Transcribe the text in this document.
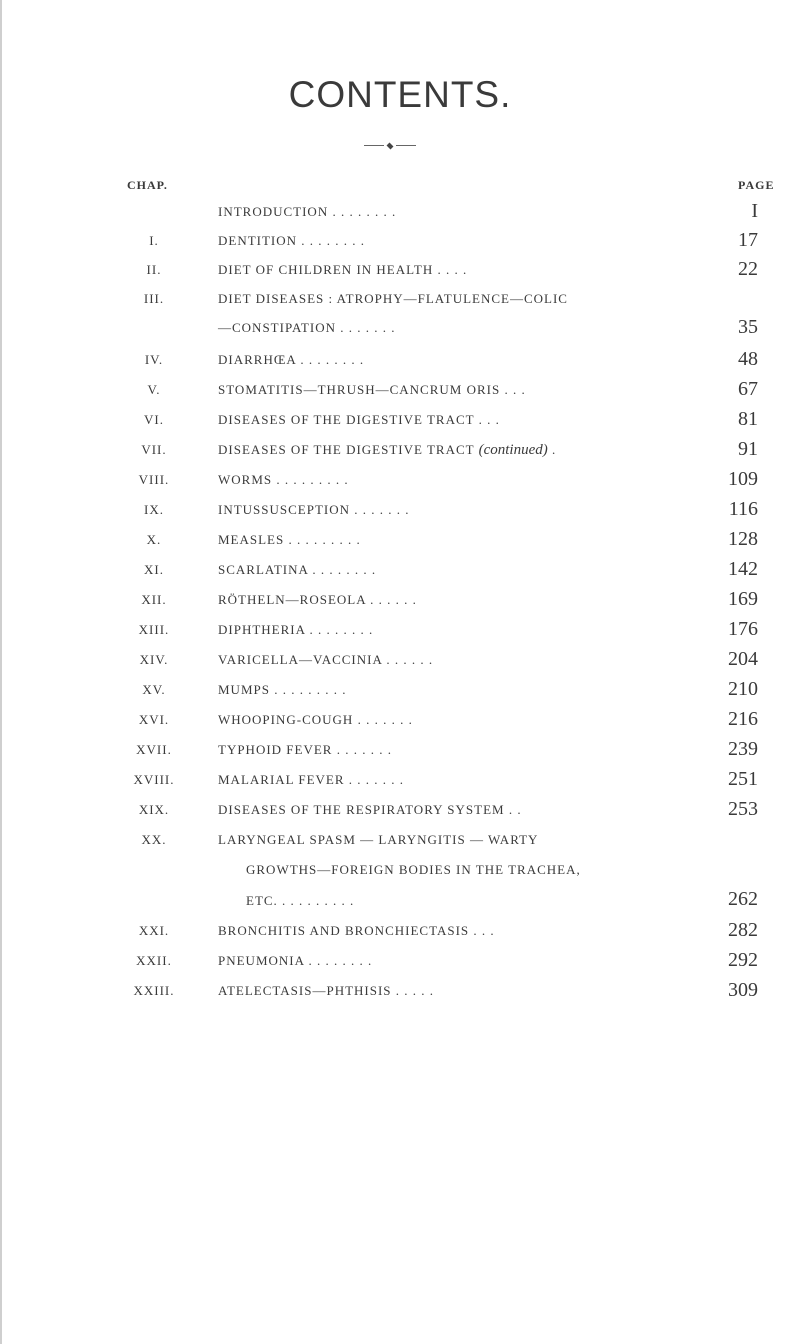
CONTENTS.
CHAP.	PAGE
INTRODUCTION . . . . . . . .	I
I.	DENTITION . . . . . . . .	17
II.	DIET OF CHILDREN IN HEALTH . . . .	22
III.	DIET DISEASES : ATROPHY—FLATULENCE—COLIC
—CONSTIPATION . . . . . . .	35
IV.	DIARRHŒA . . . . . . . .	48
V.	STOMATITIS—THRUSH—CANCRUM ORIS . . .	67
VI.	DISEASES OF THE DIGESTIVE TRACT . . .	81
VII.	DISEASES OF THE DIGESTIVE TRACT (continued) .	91
VIII.	WORMS . . . . . . . . .	109
IX.	INTUSSUSCEPTION . . . . . . .	116
X.	MEASLES . . . . . . . . .	128
XI.	SCARLATINA . . . . . . . .	142
XII.	RÖTHELN—ROSEOLA . . . . . .	169
XIII.	DIPHTHERIA . . . . . . . .	176
XIV.	VARICELLA—VACCINIA . . . . . .	204
XV.	MUMPS . . . . . . . . .	210
XVI.	WHOOPING-COUGH . . . . . . .	216
XVII.	TYPHOID FEVER . . . . . . .	239
XVIII.	MALARIAL FEVER . . . . . . .	251
XIX.	DISEASES OF THE RESPIRATORY SYSTEM . .	253
XX.	LARYNGEAL SPASM — LARYNGITIS — WARTY
GROWTHS—FOREIGN BODIES IN THE TRACHEA,
ETC. . . . . . . . . .	262
XXI.	BRONCHITIS AND BRONCHIECTASIS . . .	282
XXII.	PNEUMONIA . . . . . . . .	292
XXIII.	ATELECTASIS—PHTHISIS . . . . .	309
